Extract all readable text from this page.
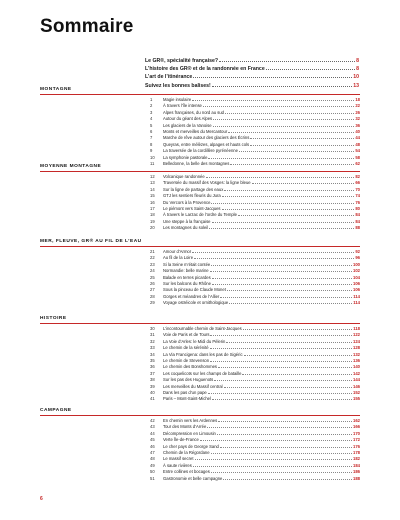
Sommaire
Le GR®, spécialité française?	8
L’histoire des GR® et de la randonnée en France	8
L’art de l’itinérance	10
Suivez les bonnes balises!	13
MONTAGNE
1	Magie insulaire	18
2	À travers l’île intense	22
3	Alpes françaises, du nord au sud	26
4	Autour du géant des Alpes	32
5	Les glaciers de la Vanoise	36
6	Monts et merveilles du Mercantour	40
7	Marche de rêve autour des glaciers des Écrins	44
8	Queyras, entre mélèzes, alpages et hauts cols	48
9	La traversée de la cordillère pyrénéenne	54
10	La symphonie pastorale	58
11	Belledonne, la belle des montagnes	62
MOYENNE MONTAGNE
12	Volcanique randonnée	82
13	Traversée du massif des Vosges: la ligne bleue	66
14	Sur la ligne de partage des eaux	70
15	GTJ les sentiers fleuris du Jura	74
16	Du Vercors à la Provence	76
17	Le piémont vers Saint-Jacques	80
18	À travers le Larzac de l’ordre du Temple	84
19	Une steppe à la française	84
20	Les montagnes du soleil	88
MER, FLEUVE, GR® AU FIL DE L’EAU
21	Amour d’Armor	92
22	Au fil de la Loire	96
23	Si la Seine m’était contée	100
24	Normandie: belle marine	102
25	Balade en terres picardes	104
26	Sur les balcons du Rhône	106
27	Sous la pinceau de Claude Monet	106
28	Gorges et méandres de l’Allier	114
29	Voyage ostréicole et ornithologique	114
HISTOIRE
30	L’incontournable chemin de Saint-Jacques	118
31	Voie de Paris et de Tours	122
32	La Voie d’Arles: le Midi du Pèlerin	124
33	Le chemin de la sérénité	128
34	La Via Francigena: dans les pas de Sigéric	132
35	Le chemin de Stevenson	136
36	Le chemin des Bonshommes	140
37	Les coquelicots sur les champs de bataille	142
38	Sur les pas des Huguenots	144
39	Les merveilles du Massif central	146
40	Dans les pas d’un pape	152
41	Paris – Mont-Saint-Michel	155
CAMPAGNE
42	En chemin vers les Ardennes	162
43	Tour des Monts d’Arrée	166
44	Décompression en Limousin	170
45	Verte Île-de-France	172
46	Le cher pays de George Sand	176
47	Chemin de la Régordane	178
48	Le massif secret	182
49	À saute rivières	184
50	Entre collines et bocages	186
51	Gastronomie et belle campagne	188
6
